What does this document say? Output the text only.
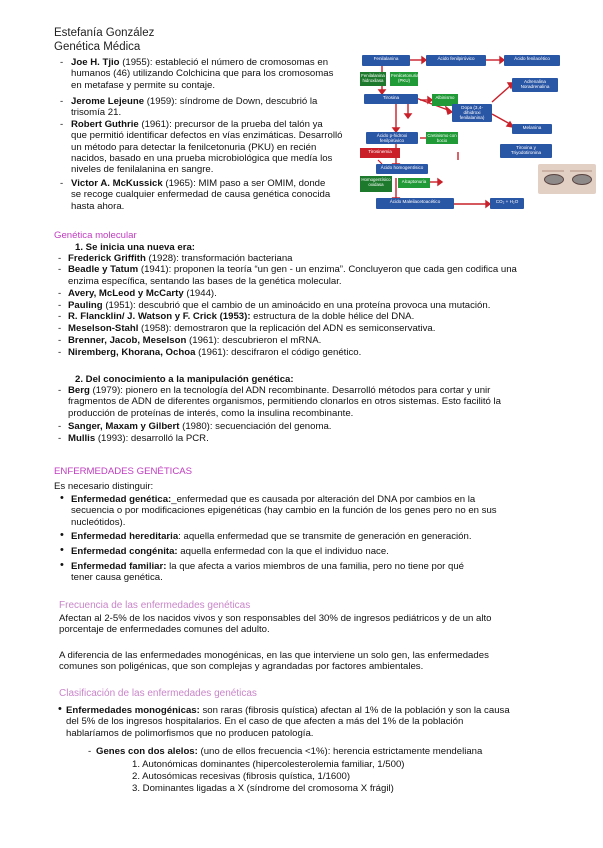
Estefanía González
Genética Médica
- Joe H. Tjio (1955): estableció el número de cromosomas en
humanos (46) utilizando Colchicina que para los cromosomas
en metafase y permite su contaje.
- Jerome Lejeune (1959): síndrome de Down, descubrió la
trisomía 21.
- Robert Guthrie (1961): precursor de la prueba del talón ya
que permitió identificar defectos en vías enzimáticas. Desarrolló
un método para detectar la fenilcetonuria (PKU) en recién
nacidos, basado en una prueba microbiológica que medía los
niveles de fenilalanina en sangre.
- Victor A. McKussick (1965): MIM paso a ser OMIM, donde
se recoge cualquier enfermedad de causa genética conocida
hasta ahora.
Fenilalanina	Ácido fenilpirúvico	Ácido fenilacético
Fenilalanina hidroxilasa
Fenilcetonuria (PKU)
Tirosina	Albinismo
Dopa (3,4-dihidroxi fenilalanina)
Adrenalina Noradrenalina
Melanina
Ácido p-hidroxi fenilpirúvico
Cretinismo con bocio
Tiroxina y Triyodotironina
Tirosinemia
Ácido homogentísico
Homogentísico oxidasa
Alcaptonuria
Ácido Maleilacetoacético	CO₂ + H₂O
Genética molecular
1. Se inicia una nueva era:
- Frederick Griffith (1928): transformación bacteriana
- Beadle y Tatum (1941): proponen la teoría “un gen - un enzima”. Concluyeron que cada gen codifica una
enzima específica, sentando las bases de la genética molecular.
- Avery, McLeod y McCarty (1944).
- Pauling (1951): descubrió que el cambio de un aminoácido en una proteína provoca una mutación.
- R. Flancklin/ J. Watson y F. Crick (1953): estructura de la doble hélice del DNA.
- Meselson-Stahl (1958): demostraron que la replicación del ADN es semiconservativa.
- Brenner, Jacob, Meselson (1961): descubrieron el mRNA.
- Niremberg, Khorana, Ochoa (1961): descifraron el código genético.
2. Del conocimiento a la manipulación genética:
- Berg (1979): pionero en la tecnología del ADN recombinante. Desarrolló métodos para cortar y unir
fragmentos de ADN de diferentes organismos, permitiendo clonarlos en otros sistemas. Esto facilitó la
producción de proteínas de interés, como la insulina recombinante.
- Sanger, Maxam y Gilbert (1980): secuenciación del genoma.
- Mullis (1993): desarrolló la PCR.
ENFERMEDADES GENÉTICAS
Es necesario distinguir:
• Enfermedad genética:_enfermedad que es causada por alteración del DNA por cambios en la
secuencia o por modificaciones epigenéticas (hay cambio en la función de los genes pero no en sus
nucleótidos).
• Enfermedad hereditaria: aquella enfermedad que se transmite de generación en generación.
• Enfermedad congénita: aquella enfermedad con la que el individuo nace.
• Enfermedad familiar: la que afecta a varios miembros de una familia, pero no tiene por qué
tener causa genética.
Frecuencia de las enfermedades genéticas
Afectan al 2-5% de los nacidos vivos y son responsables del 30% de ingresos pediátricos y de un alto
porcentaje de enfermedades comunes del adulto.
A diferencia de las enfermedades monogénicas, en las que interviene un solo gen, las enfermedades
comunes son poligénicas, que son complejas y agrandadas por factores ambientales.
Clasificación de las enfermedades genéticas
• Enfermedades monogénicas: son raras (fibrosis quística) afectan al 1% de la población y son la causa
del 5% de los ingresos hospitalarios. En el caso de que afecten a más del 1% de la población
hablaríamos de polimorfismos que no producen patología.
- Genes con dos alelos: (uno de ellos frecuencia <1%): herencia estrictamente mendeliana
1. Autonómicas dominantes (hipercolesterolemia familiar, 1/500)
2. Autosómicas recesivas (fibrosis quística, 1/1600)
3. Dominantes ligadas a X (síndrome del cromosoma X frágil)
